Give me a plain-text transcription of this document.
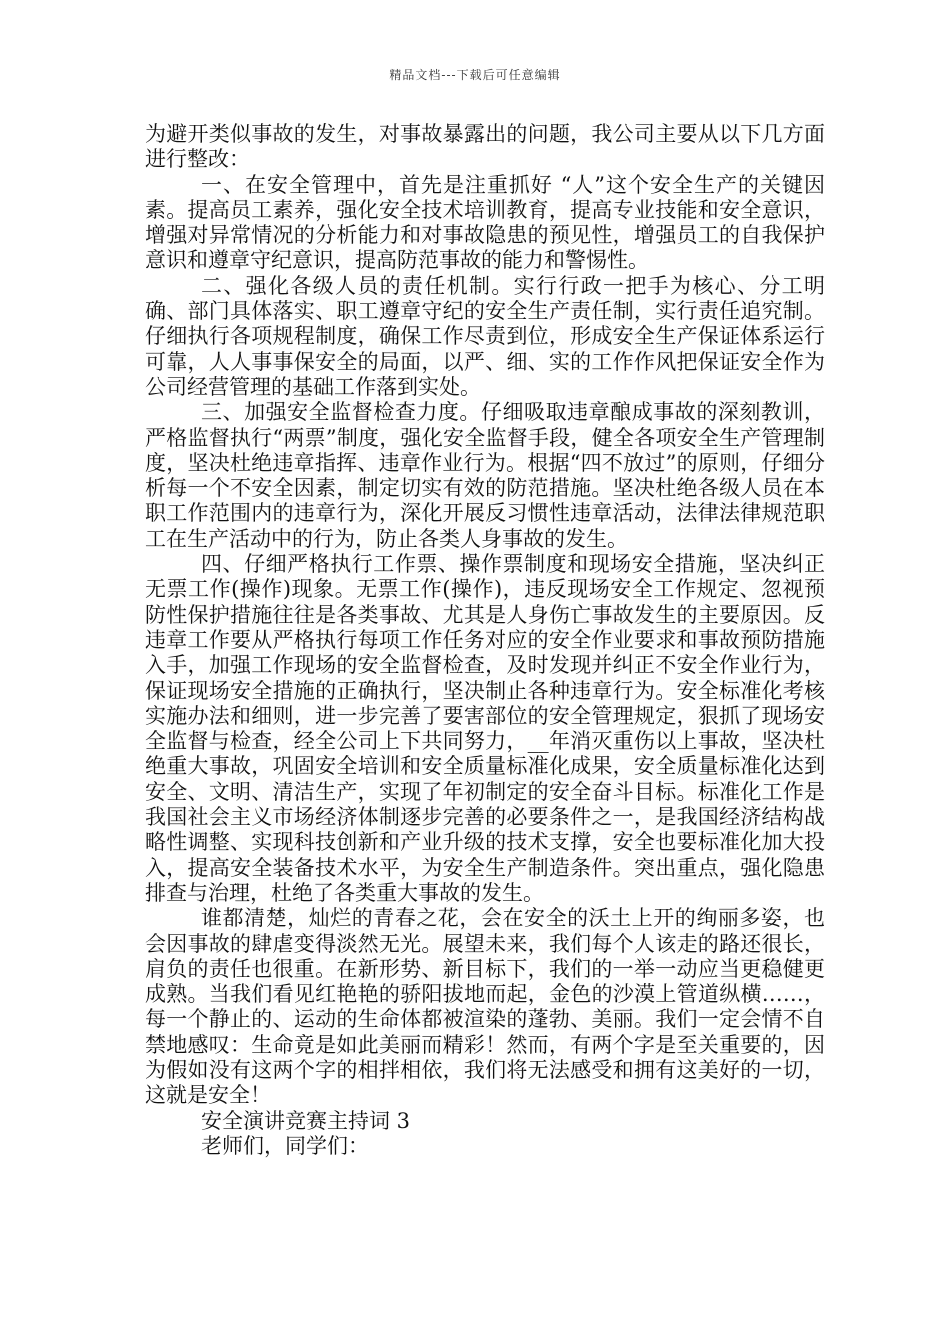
精品文档---下载后可任意编辑

为避开类似事故的发生，对事故暴露出的问题，我公司主要从以下几方面进行整改：

一、在安全管理中，首先是注重抓好 “人”这个安全生产的关键因素。提高员工素养，强化安全技术培训教育，提高专业技能和安全意识，增强对异常情况的分析能力和对事故隐患的预见性，增强员工的自我保护意识和遵章守纪意识，提高防范事故的能力和警惕性。

二、强化各级人员的责任机制。实行行政一把手为核心、分工明确、部门具体落实、职工遵章守纪的安全生产责任制，实行责任追究制。仔细执行各项规程制度，确保工作尽责到位，形成安全生产保证体系运行可靠，人人事事保安全的局面，以严、细、实的工作作风把保证安全作为公司经营管理的基础工作落到实处。

三、加强安全监督检查力度。仔细吸取违章酿成事故的深刻教训，严格监督执行“两票”制度，强化安全监督手段，健全各项安全生产管理制度，坚决杜绝违章指挥、违章作业行为。根据“四不放过”的原则，仔细分析每一个不安全因素，制定切实有效的防范措施。坚决杜绝各级人员在本职工作范围内的违章行为，深化开展反习惯性违章活动，法律法律规范职工在生产活动中的行为，防止各类人身事故的发生。

四、仔细严格执行工作票、操作票制度和现场安全措施，坚决纠正无票工作(操作)现象。无票工作(操作)，违反现场安全工作规定、忽视预防性保护措施往往是各类事故、尤其是人身伤亡事故发生的主要原因。反违章工作要从严格执行每项工作任务对应的安全作业要求和事故预防措施入手，加强工作现场的安全监督检查，及时发现并纠正不安全作业行为，保证现场安全措施的正确执行，坚决制止各种违章行为。安全标准化考核实施办法和细则，进一步完善了要害部位的安全管理规定，狠抓了现场安全监督与检查，经全公司上下共同努力，__年消灭重伤以上事故，坚决杜绝重大事故，巩固安全培训和安全质量标准化成果，安全质量标准化达到安全、文明、清洁生产，实现了年初制定的安全奋斗目标。标准化工作是我国社会主义市场经济体制逐步完善的必要条件之一，是我国经济结构战略性调整、实现科技创新和产业升级的技术支撑，安全也要标准化加大投入，提高安全装备技术水平，为安全生产制造条件。突出重点，强化隐患排查与治理，杜绝了各类重大事故的发生。

谁都清楚，灿烂的青春之花，会在安全的沃土上开的绚丽多姿，也会因事故的肆虐变得淡然无光。展望未来，我们每个人该走的路还很长，肩负的责任也很重。在新形势、新目标下，我们的一举一动应当更稳健更成熟。当我们看见红艳艳的骄阳拔地而起，金色的沙漠上管道纵横……，每一个静止的、运动的生命体都被渲染的蓬勃、美丽。我们一定会情不自禁地感叹：生命竟是如此美丽而精彩！然而，有两个字是至关重要的，因为假如没有这两个字的相拌相依，我们将无法感受和拥有这美好的一切，这就是安全！

安全演讲竞赛主持词 3

老师们，同学们：
